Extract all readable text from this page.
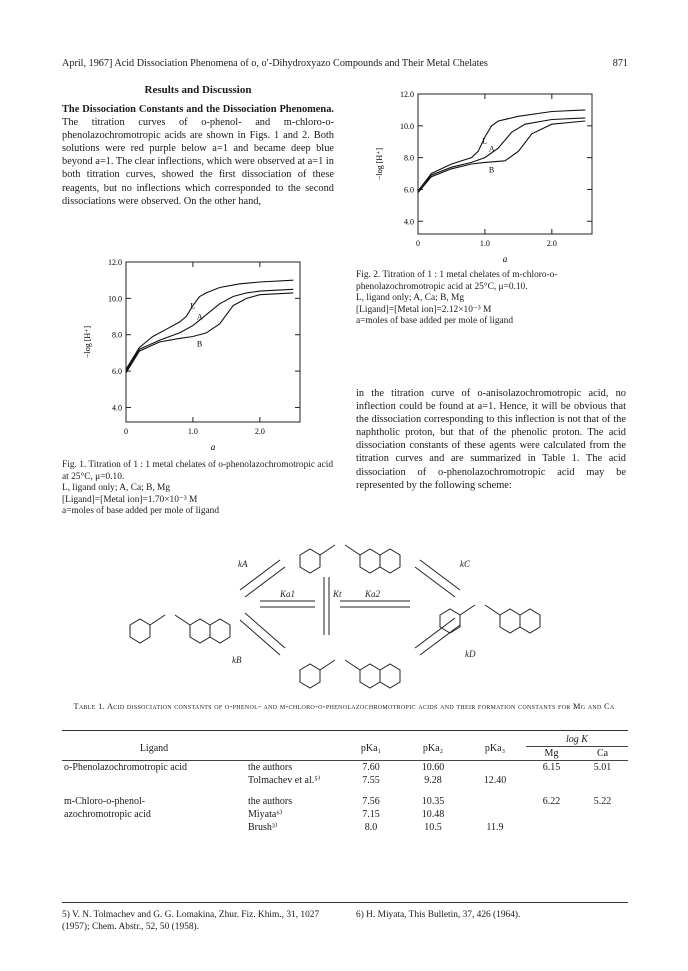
April, 1967] Acid Dissociation Phenomena of o, o′-Dihydroxyazo Compounds and Their Metal Chelates	871
Results and Discussion
The Dissociation Constants and the Dissociation Phenomena. The titration curves of o-phenol- and m-chloro-o-phenolazochromotropic acids are shown in Figs. 1 and 2. Both solutions were red purple below a=1 and became deep blue beyond a=1. The clear inflections, which were observed at a=1 in both titration curves, showed the first dissociation of these reagents, but no inflections which corresponded to the second dissociations were observed. On the other hand,
4.0
6.0
8.0
10.0
12.0
0	1.0	2.0
a
−log [H⁺]
L
A
B
Fig. 1. Titration of 1 : 1 metal chelates of o-phenolazochromotropic acid at 25°C, μ=0.10.
L, ligand only; A, Ca; B, Mg
[Ligand]=[Metal ion]=1.70×10⁻³ M
a=moles of base added per mole of ligand
4.0
6.0
8.0
10.0
12.0
0	1.0	2.0
a
−log [H⁺]
L
A
B
Fig. 2. Titration of 1 : 1 metal chelates of m-chloro-o-phenolazochromotropic acid at 25°C, μ=0.10.
L, ligand only; A, Ca; B, Mg
[Ligand]=[Metal ion]=2.12×10⁻³ M
a=moles of base added per mole of ligand
in the titration curve of o-anisolazochromotropic acid, no inflection could be found at a=1. Hence, it will be obvious that the dissociation corresponding to this inflection is not that of the naphtholic proton, but that of the phenolic proton. The acid dissociation constants of these agents were calculated from the titration curves and are summarized in Table 1. The acid dissociation of o-phenolazochromotropic acid may be represented by the following scheme:
kA
kB
kC
kD
Ka1	Ka2
Kt
Table 1. Acid dissociation constants of o-phenol- and m-chloro-o-phenolazochromotropic acids and their formation constants for Mg and Ca
Ligand		pKa₁	pKa₂	pKa₃	log K	
					Mg	Ca
o-Phenolazochromotropic acid	the authors	7.60	10.60		6.15	5.01
	Tolmachev et al.⁵⁾	7.55	9.28	12.40		
m-Chloro-o-phenol-	the authors	7.56	10.35		6.22	5.22
azochromotropic acid	Miyata⁶⁾	7.15	10.48			
	Brush³⁾	8.0	10.5	11.9		
5) V. N. Tolmachev and G. G. Lomakina, Zhur. Fiz. Khim., 31, 1027 (1957); Chem. Abstr., 52, 50 (1958).
6) H. Miyata, This Bulletin, 37, 426 (1964).
